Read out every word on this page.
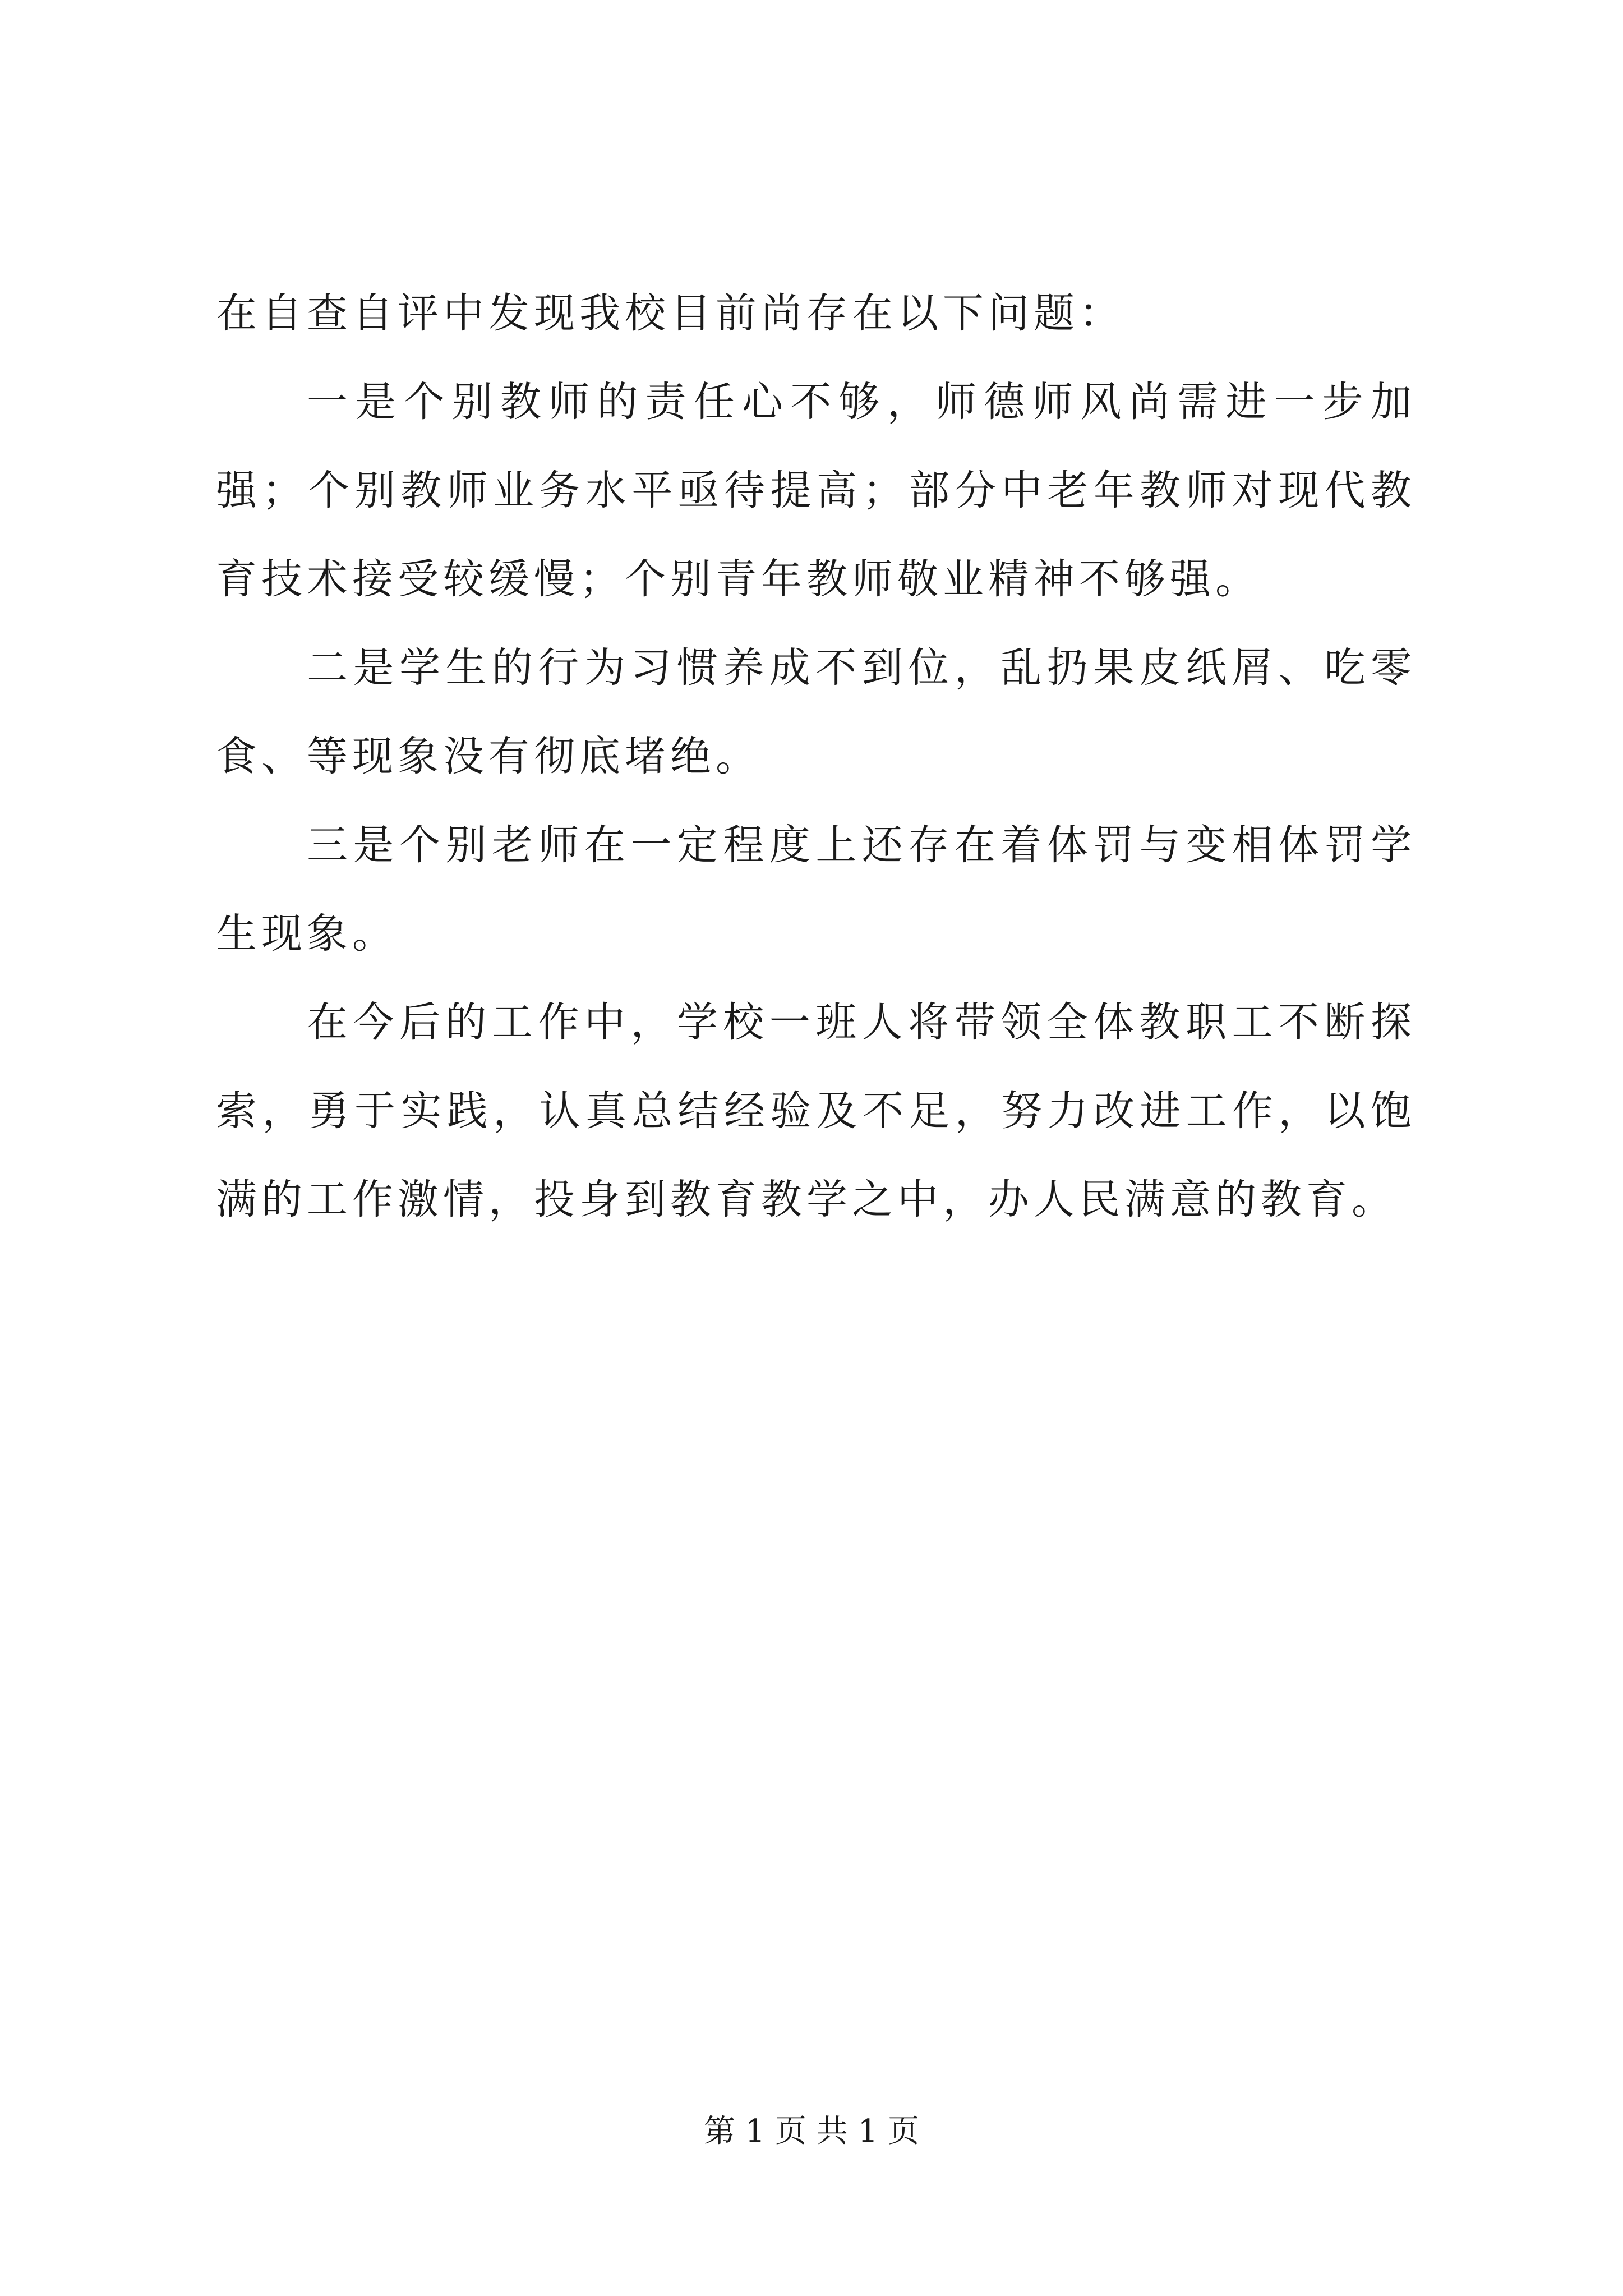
在自查自评中发现我校目前尚存在以下问题：

一是个别教师的责任心不够，师德师风尚需进一步加强；个别教师业务水平亟待提高；部分中老年教师对现代教育技术接受较缓慢；个别青年教师敬业精神不够强。

二是学生的行为习惯养成不到位，乱扔果皮纸屑、吃零食、等现象没有彻底堵绝。

三是个别老师在一定程度上还存在着体罚与变相体罚学生现象。

在今后的工作中，学校一班人将带领全体教职工不断探索，勇于实践，认真总结经验及不足，努力改进工作，以饱满的工作激情，投身到教育教学之中，办人民满意的教育。

第 1 页 共 1 页
